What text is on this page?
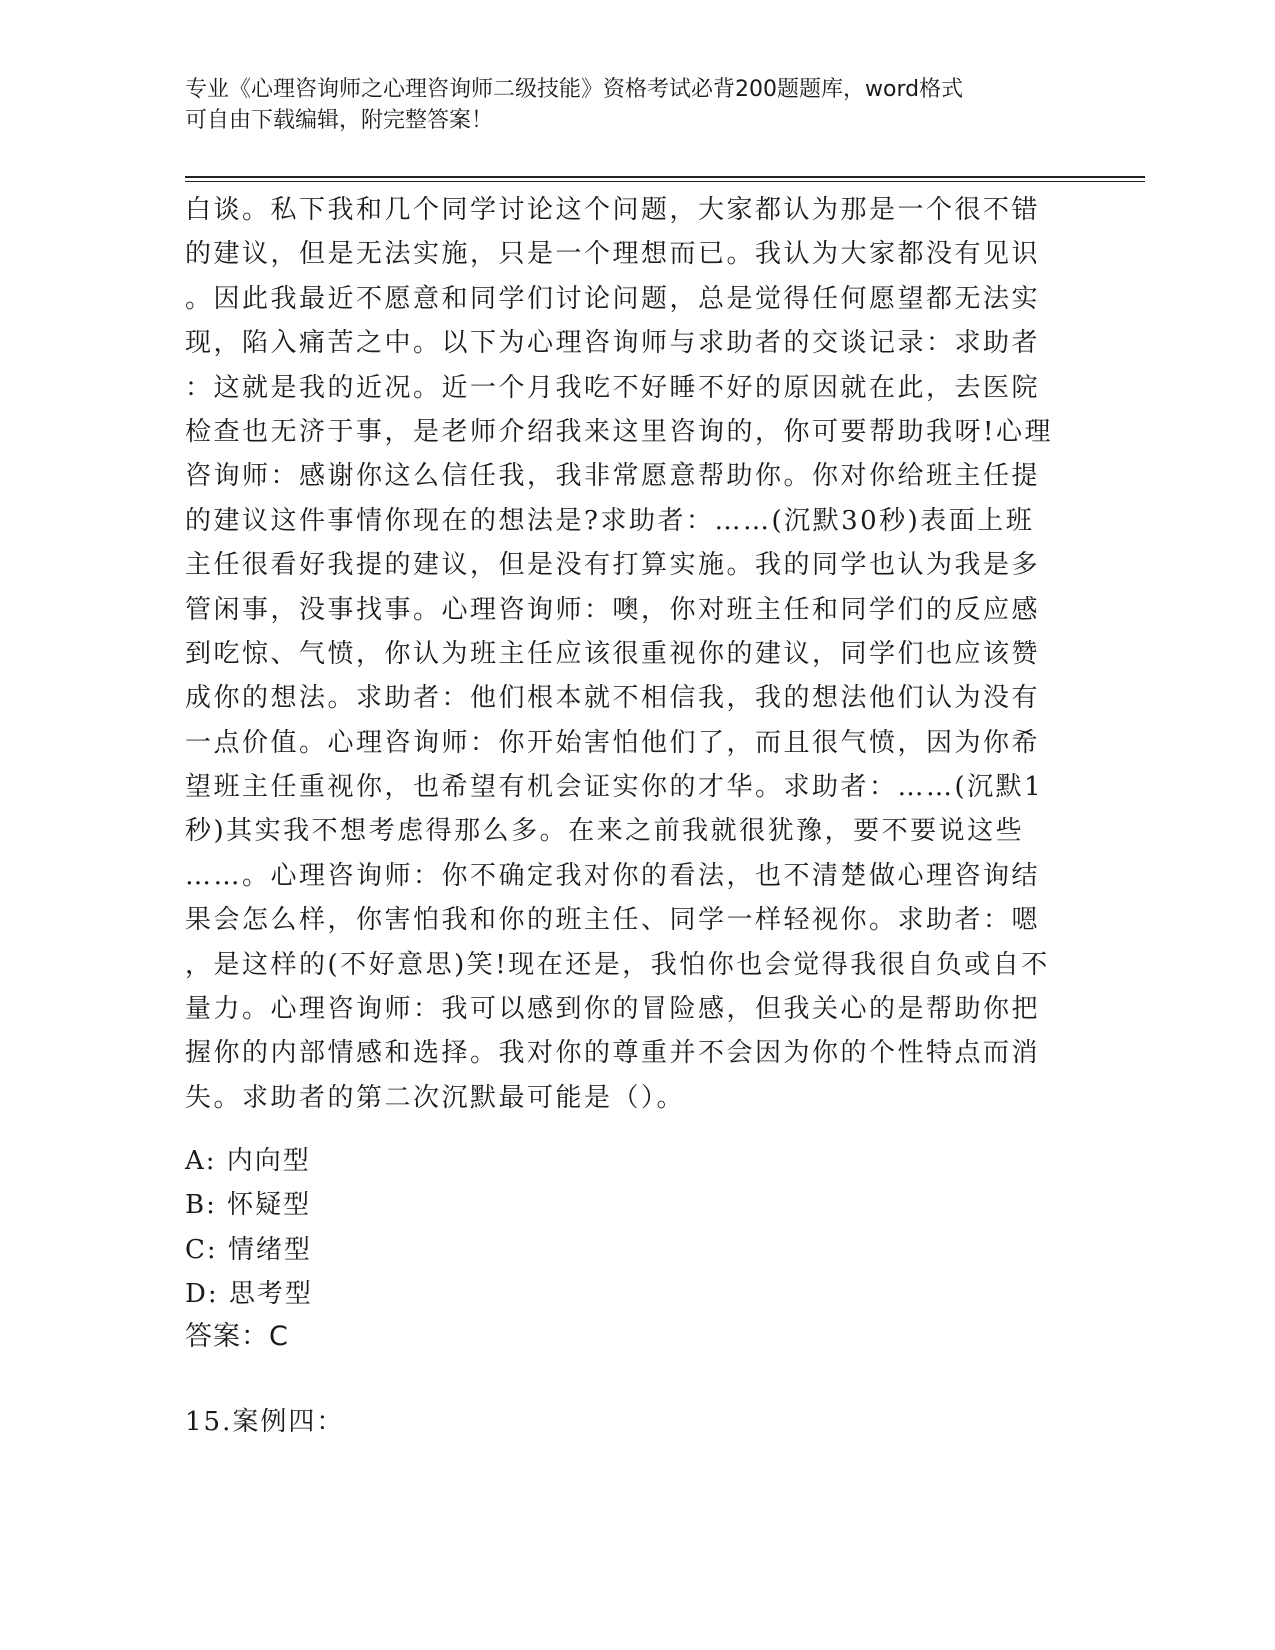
专业《心理咨询师之心理咨询师二级技能》资格考试必背200题题库，word格式
可自由下载编辑，附完整答案！
白谈。私下我和几个同学讨论这个问题，大家都认为那是一个很不错
的建议，但是无法实施，只是一个理想而已。我认为大家都没有见识
。因此我最近不愿意和同学们讨论问题，总是觉得任何愿望都无法实
现，陷入痛苦之中。以下为心理咨询师与求助者的交谈记录：求助者
：这就是我的近况。近一个月我吃不好睡不好的原因就在此，去医院
检查也无济于事，是老师介绍我来这里咨询的，你可要帮助我呀!心理
咨询师：感谢你这么信任我，我非常愿意帮助你。你对你给班主任提
的建议这件事情你现在的想法是?求助者：……(沉默30秒)表面上班
主任很看好我提的建议，但是没有打算实施。我的同学也认为我是多
管闲事，没事找事。心理咨询师：噢，你对班主任和同学们的反应感
到吃惊、气愤，你认为班主任应该很重视你的建议，同学们也应该赞
成你的想法。求助者：他们根本就不相信我，我的想法他们认为没有
一点价值。心理咨询师：你开始害怕他们了，而且很气愤，因为你希
望班主任重视你，也希望有机会证实你的才华。求助者：……(沉默1
秒)其实我不想考虑得那么多。在来之前我就很犹豫，要不要说这些
……。心理咨询师：你不确定我对你的看法，也不清楚做心理咨询结
果会怎么样，你害怕我和你的班主任、同学一样轻视你。求助者：嗯
，是这样的(不好意思)笑!现在还是，我怕你也会觉得我很自负或自不
量力。心理咨询师：我可以感到你的冒险感，但我关心的是帮助你把
握你的内部情感和选择。我对你的尊重并不会因为你的个性特点而消
失。求助者的第二次沉默最可能是（）。
A: 内向型
B: 怀疑型
C: 情绪型
D: 思考型
答案：C
15.案例四：
